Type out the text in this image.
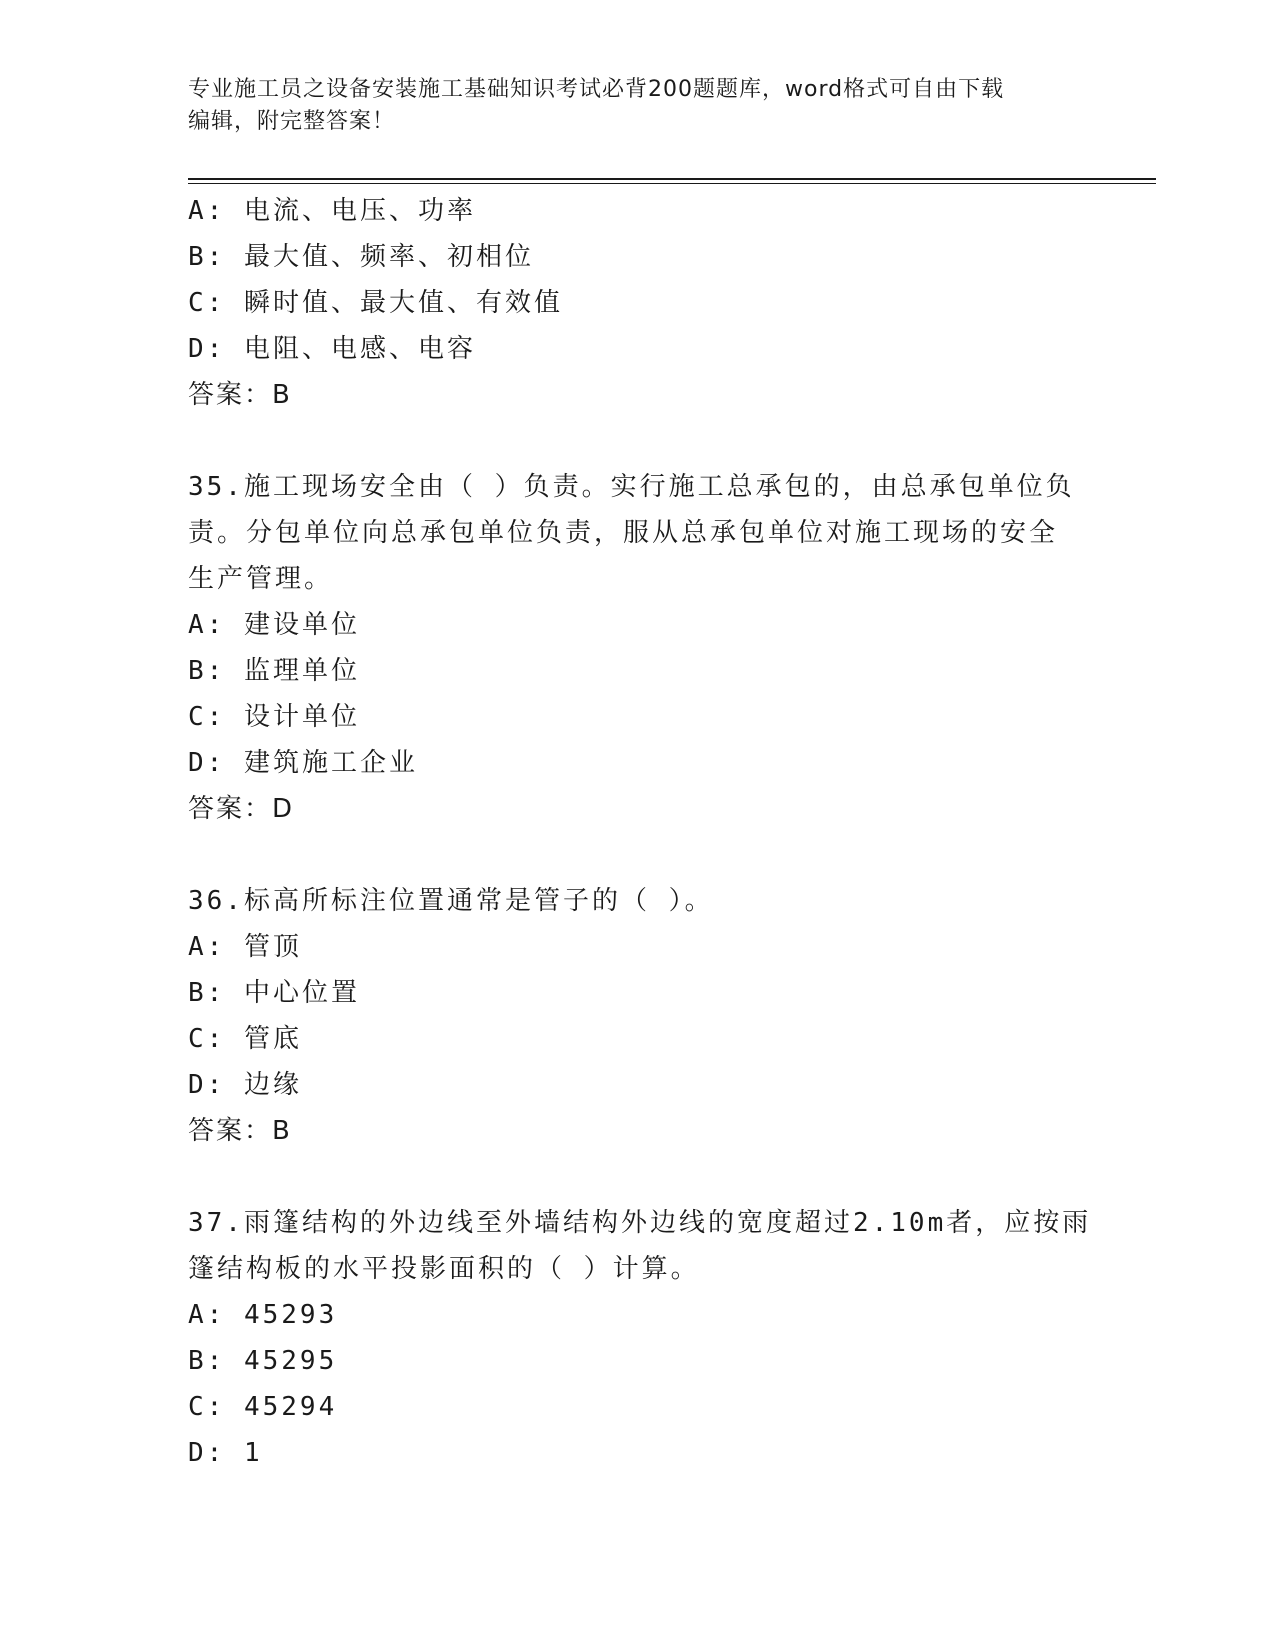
专业施工员之设备安装施工基础知识考试必背200题题库，word格式可自由下载
编辑，附完整答案！
A: 电流、电压、功率
B: 最大值、频率、初相位
C: 瞬时值、最大值、有效值
D: 电阻、电感、电容
答案：B
35.施工现场安全由（ ）负责。实行施工总承包的，由总承包单位负
责。分包单位向总承包单位负责，服从总承包单位对施工现场的安全
生产管理。
A: 建设单位
B: 监理单位
C: 设计单位
D: 建筑施工企业
答案：D
36.标高所标注位置通常是管子的（ ）。
A: 管顶
B: 中心位置
C: 管底
D: 边缘
答案：B
37.雨篷结构的外边线至外墙结构外边线的宽度超过2.10m者，应按雨
篷结构板的水平投影面积的（ ）计算。
A: 45293
B: 45295
C: 45294
D: 1
